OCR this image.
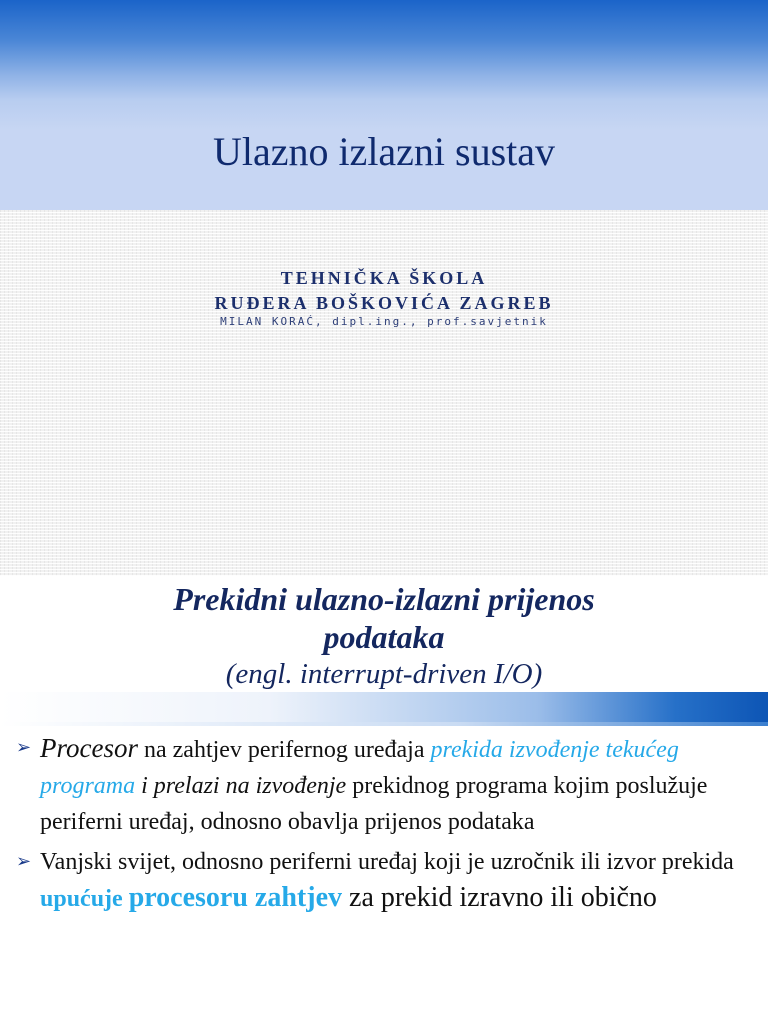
Ulazno izlazni sustav
TEHNIČKA ŠKOLA
RUĐERA BOŠKOVIĆA ZAGREB
MILAN KORAĆ, dipl.ing., prof.savjetnik
Prekidni ulazno-izlazni prijenos
podataka
(engl. interrupt-driven I/O)
➢ Procesor na zahtjev perifernog uređaja prekida izvođenje tekućeg programa i prelazi na izvođenje prekidnog programa kojim poslužuje periferni uređaj, odnosno obavlja prijenos podataka
➢ Vanjski svijet, odnosno periferni uređaj koji je uzročnik ili izvor prekida upućuje procesoru zahtjev za prekid izravno ili obično
